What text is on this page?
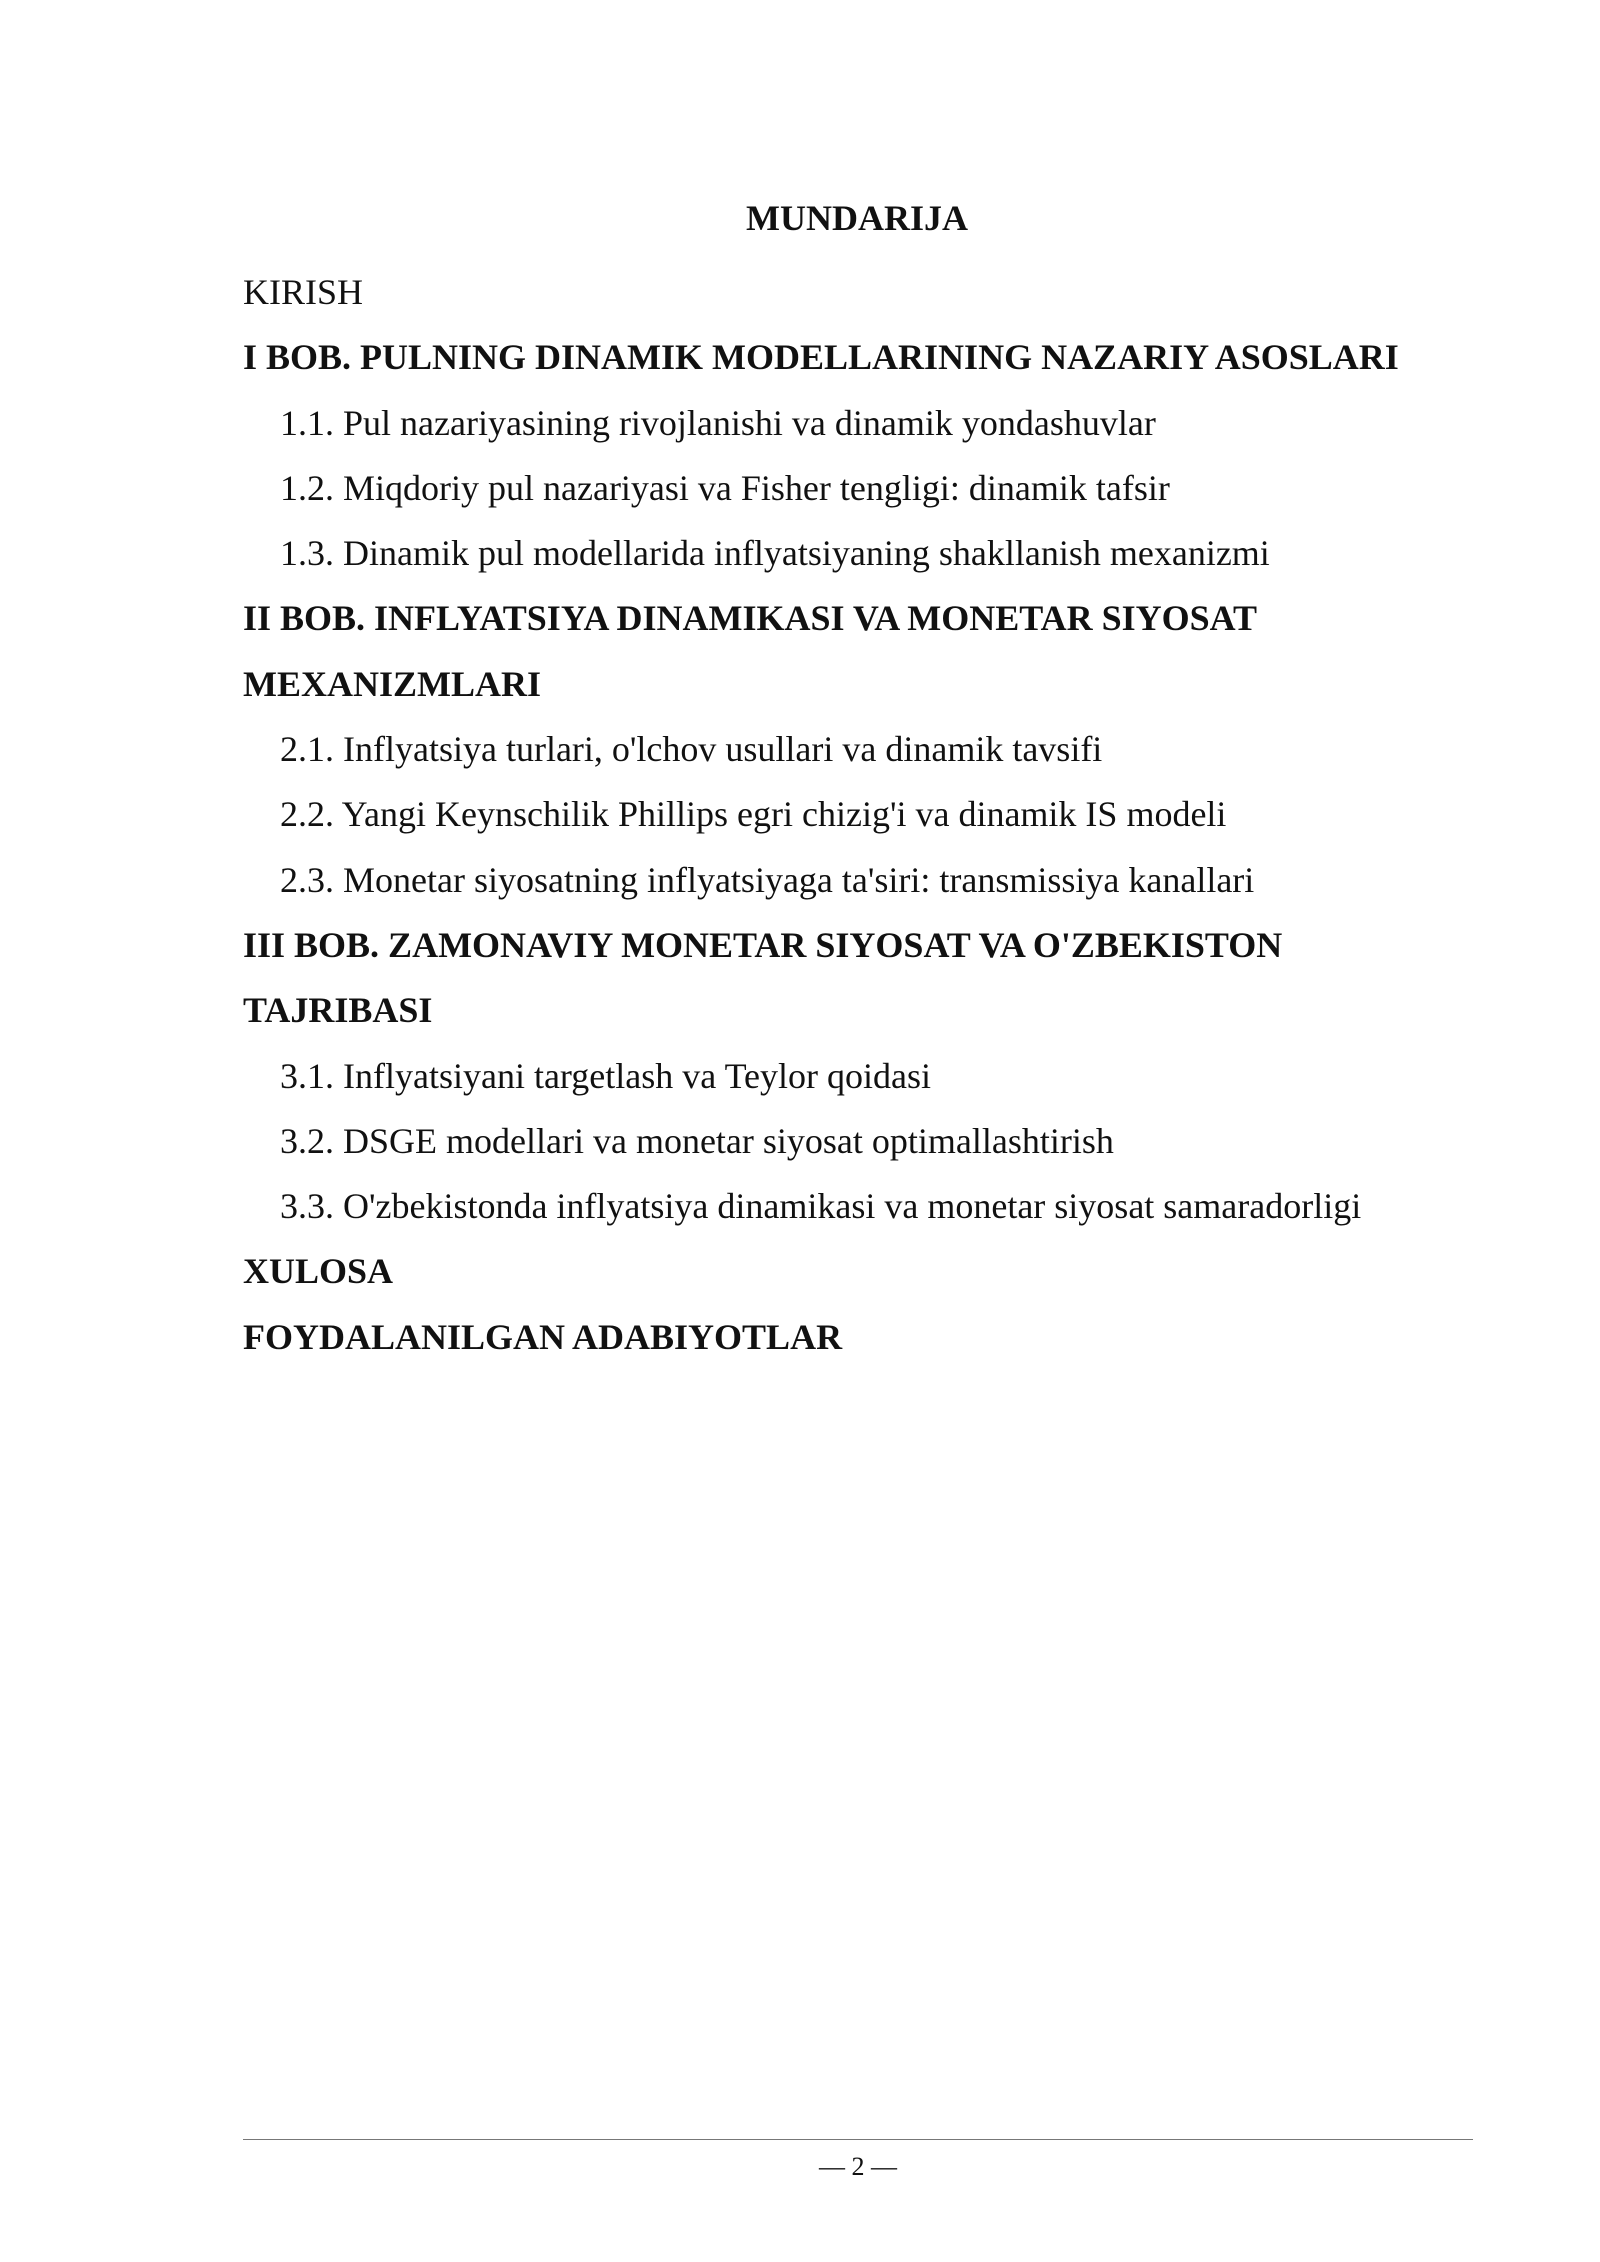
MUNDARIJA
KIRISH
I BOB. PULNING DINAMIK MODELLARINING NAZARIY ASOSLARI
1.1. Pul nazariyasining rivojlanishi va dinamik yondashuvlar
1.2. Miqdoriy pul nazariyasi va Fisher tengligi: dinamik tafsir
1.3. Dinamik pul modellarida inflyatsiyaning shakllanish mexanizmi
II BOB. INFLYATSIYA DINAMIKASI VA MONETAR SIYOSAT
MEXANIZMLARI
2.1. Inflyatsiya turlari, o'lchov usullari va dinamik tavsifi
2.2. Yangi Keynschilik Phillips egri chizig'i va dinamik IS modeli
2.3. Monetar siyosatning inflyatsiyaga ta'siri: transmissiya kanallari
III BOB. ZAMONAVIY MONETAR SIYOSAT VA O'ZBEKISTON
TAJRIBASI
3.1. Inflyatsiyani targetlash va Teylor qoidasi
3.2. DSGE modellari va monetar siyosat optimallashtirish
3.3. O'zbekistonda inflyatsiya dinamikasi va monetar siyosat samaradorligi
XULOSA
FOYDALANILGAN ADABIYOTLAR
— 2 —
